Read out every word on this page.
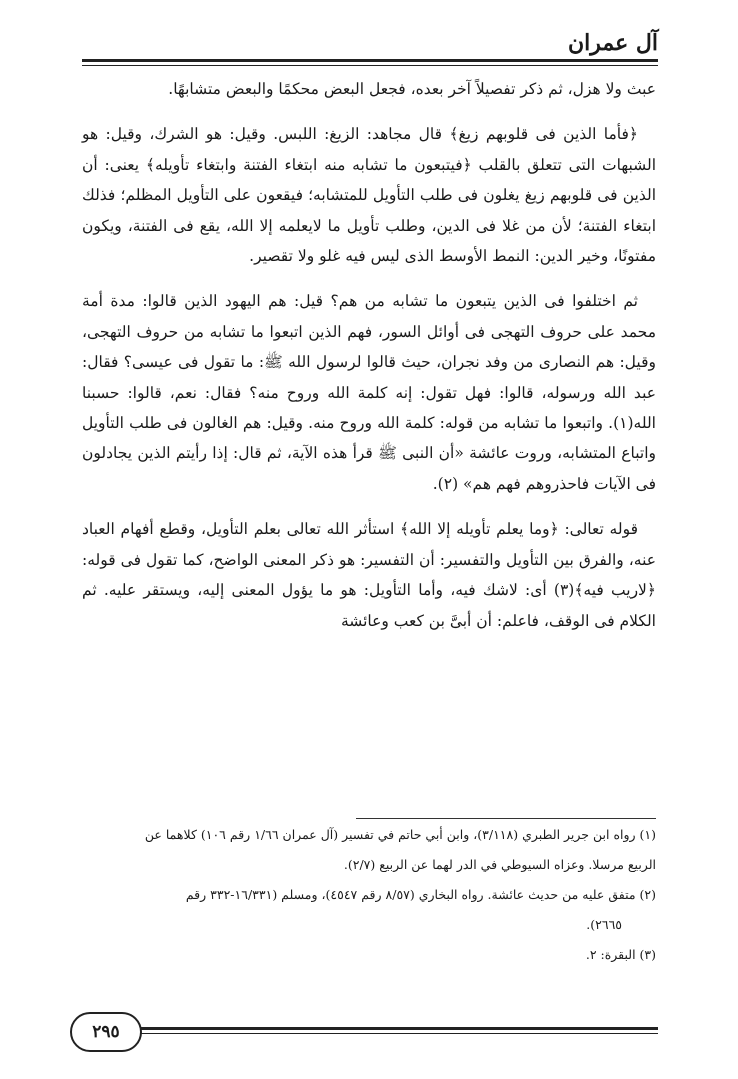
آل عمران

عبث ولا هزل، ثم ذكر تفصيلاً آخر بعده، فجعل البعض محكمًا والبعض متشابهًا.

﴿فأما الذين فى قلوبهم زيغ﴾ قال مجاهد: الزيغ: اللبس. وقيل: هو الشرك، وقيل: هو الشبهات التى تتعلق بالقلب ﴿فيتبعون ما تشابه منه ابتغاء الفتنة وابتغاء تأويله﴾ يعنى: أن الذين فى قلوبهم زيغ يغلون فى طلب التأويل للمتشابه؛ فيقعون على التأويل المظلم؛ فذلك ابتغاء الفتنة؛ لأن من غلا فى الدين، وطلب تأويل ما لايعلمه إلا الله، يقع فى الفتنة، ويكون مفتونًا، وخير الدين: النمط الأوسط الذى ليس فيه غلو ولا تقصير.

ثم اختلفوا فى الذين يتبعون ما تشابه من هم؟ قيل: هم اليهود الذين قالوا: مدة أمة محمد على حروف التهجى فى أوائل السور، فهم الذين اتبعوا ما تشابه من حروف التهجى، وقيل: هم النصارى من وفد نجران، حيث قالوا لرسول الله ﷺ: ما تقول فى عيسى؟ فقال: عبد الله ورسوله، قالوا: فهل تقول: إنه كلمة الله وروح منه؟ فقال: نعم، قالوا: حسبنا الله(١). واتبعوا ما تشابه من قوله: كلمة الله وروح منه. وقيل: هم الغالون فى طلب التأويل واتباع المتشابه، وروت عائشة «أن النبى ﷺ قرأ هذه الآية، ثم قال: إذا رأيتم الذين يجادلون فى الآيات فاحذروهم فهم هم» (٢).

قوله تعالى: ﴿وما يعلم تأويله إلا الله﴾ استأثر الله تعالى بعلم التأويل، وقطع أفهام العباد عنه، والفرق بين التأويل والتفسير: أن التفسير: هو ذكر المعنى الواضح، كما تقول فى قوله: ﴿لاريب فيه﴾(٣) أى: لاشك فيه، وأما التأويل: هو ما يؤول المعنى إليه، ويستقر عليه. ثم الكلام فى الوقف، فاعلم: أن أبىَّ بن كعب وعائشة

(١) رواه ابن جرير الطبري (٣/١١٨)، وابن أبي حاتم في تفسير (آل عمران ١/٦٦ رقم ١٠٦) كلاهما عن

الربيع مرسلا. وعزاه السيوطي في الدر لهما عن الربيع (٢/٧).

(٢) متفق عليه من حديث عائشة. رواه البخاري (٨/٥٧ رقم ٤٥٤٧)، ومسلم (١٦/٣٣١-٣٣٢ رقم

٢٦٦٥).

(٣) البقرة: ٢.

٢٩٥
